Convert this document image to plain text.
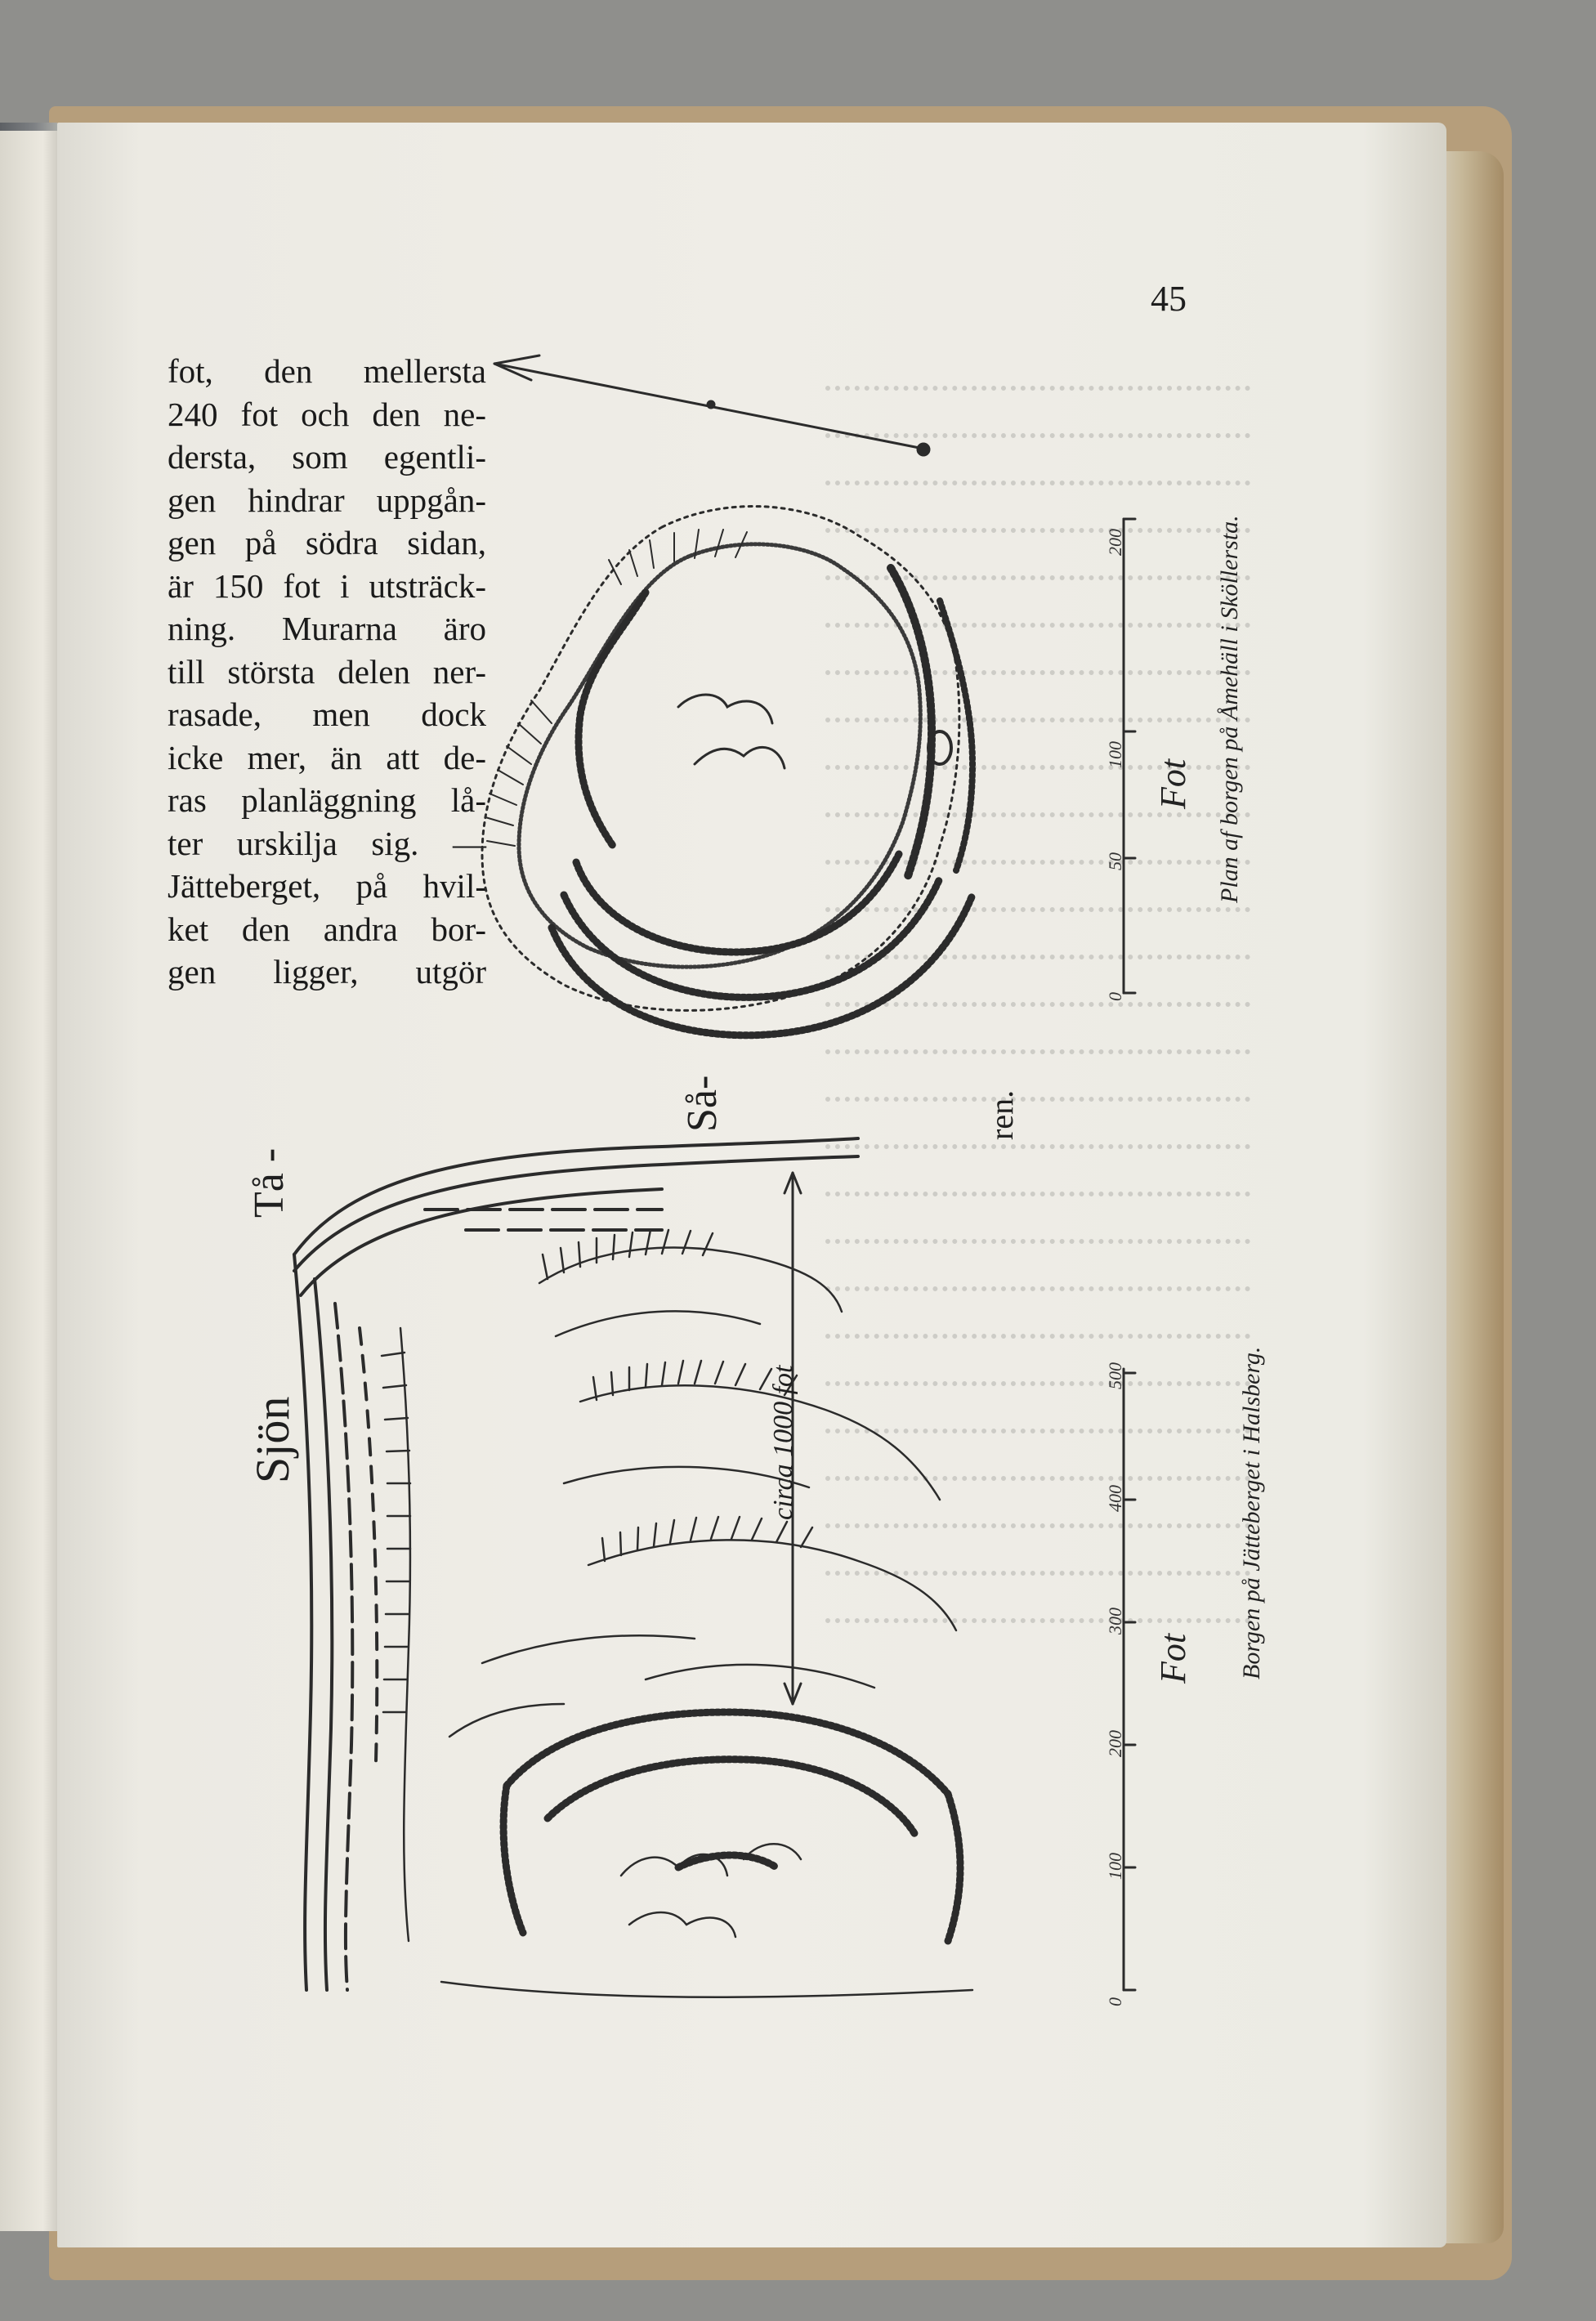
45
fot, den mellersta
240 fot och den ne-
dersta, som egentli-
gen hindrar uppgån-
gen på södra sidan,
är 150 fot i utsträck-
ning. Murarna äro
till största delen ner-
rasade, men dock
icke mer, än att de-
ras planläggning lå-
ter urskilja sig. —
Jätteberget, på hvil-
ket den andra bor-
gen ligger, utgör
Sjön
Tå -
Så-	ren.
circa 1000 fot
Plan af borgen på Åmehäll i Sköllersta.
Fot
0
50
100
200
Borgen på Jätteberget i Halsberg.
Fot
0
100
200
300
400
500
